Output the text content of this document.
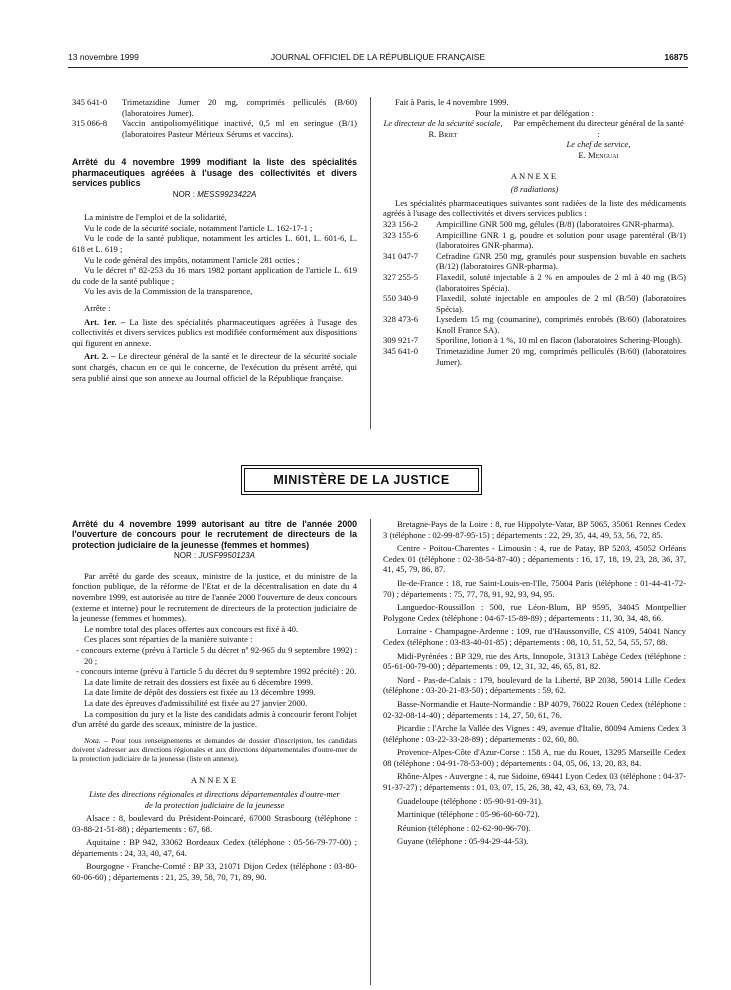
13 novembre 1999	JOURNAL OFFICIEL DE LA RÉPUBLIQUE FRANÇAISE	16875
345 641-0	Trimetazidine Jumer 20 mg, comprimés pelliculés (B/60) (laboratoires Jumer).
315 066-8	Vaccin antipoliomyélitique inactivé, 0,5 ml en seringue (B/1) (laboratoires Pasteur Mérieux Sérums et vaccins).

Arrêté du 4 novembre 1999 modifiant la liste des spécialités pharmaceutiques agréées à l'usage des collectivités et divers services publics

NOR : MESS9923422A

La ministre de l'emploi et de la solidarité,

Vu le code de la sécurité sociale, notamment l'article L. 162-17-1 ;

Vu le code de la santé publique, notamment les articles L. 601, L. 601-6, L. 618 et L. 619 ;

Vu le code général des impôts, notamment l'article 281 octies ;

Vu le décret nº 82-253 du 16 mars 1982 portant application de l'article L. 619 du code de la santé publique ;

Vu les avis de la Commission de la transparence,

Arrête :

Art. 1er. – La liste des spécialités pharmaceutiques agréées à l'usage des collectivités et divers services publics est modifiée conformément aux dispositions qui figurent en annexe.

Art. 2. – Le directeur général de la santé et le directeur de la sécurité sociale sont chargés, chacun en ce qui le concerne, de l'exécution du présent arrêté, qui sera publié ainsi que son annexe au Journal officiel de la République française.

Fait à Paris, le 4 novembre 1999.

Pour la ministre et par délégation :

Le directeur de la sécurité sociale,

R. Briet

Par empêchement du directeur général de la santé :

Le chef de service,

E. Menguai

ANNEXE

(8 radiations)

Les spécialités pharmaceutiques suivantes sont radiées de la liste des médicaments agréés à l'usage des collectivités et divers services publics :

323 156-2	Ampicilline GNR 500 mg, gélules (B/8) (laboratoires GNR-pharma).
323 155-6	Ampicilline GNR 1 g, poudre et solution pour usage parentéral (B/1) (laboratoires GNR-pharma).
341 047-7	Cefradine GNR 250 mg, granulés pour suspension buvable en sachets (B/12) (laboratoires GNR-pharma).
327 255-5	Flaxedil, soluté injectable à 2 % en ampoules de 2 ml à 40 mg (B/5) (laboratoires Spécia).
550 340-9	Flaxedil, soluté injectable en ampoules de 2 ml (B/50) (laboratoires Spécia).
328 473-6	Lysedem 15 mg (coumarine), comprimés enrobés (B/60) (laboratoires Knoll France SA).
309 921-7	Sporiline, lotion à 1 %, 10 ml en flacon (laboratoires Schering-Plough).
345 641-0	Trimetazidine Jumer 20 mg, comprimés pelliculés (B/60) (laboratoires Jumer).
MINISTÈRE DE LA JUSTICE

Arrêté du 4 novembre 1999 autorisant au titre de l'année 2000 l'ouverture de concours pour le recrutement de directeurs de la protection judiciaire de la jeunesse (femmes et hommes)

NOR : JUSF9950123A

Par arrêté du garde des sceaux, ministre de la justice, et du ministre de la fonction publique, de la réforme de l'Etat et de la décentralisation en date du 4 novembre 1999, est autorisée au titre de l'année 2000 l'ouverture de deux concours (externe et interne) pour le recrutement de directeurs de la protection judiciaire de la jeunesse (femmes et hommes).

Le nombre total des places offertes aux concours est fixé à 40.

Ces places sont réparties de la manière suivante :

- concours externe (prévu à l'article 5 du décret nº 92-965 du 9 septembre 1992) : 20 ;

- concours interne (prévu à l'article 5 du décret du 9 septembre 1992 précité) : 20.

La date limite de retrait des dossiers est fixée au 6 décembre 1999.

La date limite de dépôt des dossiers est fixée au 13 décembre 1999.

La date des épreuves d'admissibilité est fixée au 27 janvier 2000.

La composition du jury et la liste des candidats admis à concourir feront l'objet d'un arrêté du garde des sceaux, ministre de la justice.

Nota. – Pour tous renseignements et demandes de dossier d'inscription, les candidats doivent s'adresser aux directions régionales et aux directions départementales d'outre-mer de la protection judiciaire de la jeunesse (liste en annexe).

ANNEXE

Liste des directions régionales et directions départementales d'outre-mer de la protection judiciaire de la jeunesse

Alsace : 8, boulevard du Président-Poincaré, 67000 Strasbourg (téléphone : 03-88-21-51-88) ; départements : 67, 68.

Aquitaine : BP 942, 33062 Bordeaux Cedex (téléphone : 05-56-79-77-00) ; départements : 24, 33, 40, 47, 64.

Bourgogne - Franche-Comté : BP 33, 21071 Dijon Cedex (téléphone : 03-80-60-06-60) ; départements : 21, 25, 39, 58, 70, 71, 89, 90.

Bretagne-Pays de la Loire : 8, rue Hippolyte-Vatar, BP 5065, 35061 Rennes Cedex 3 (téléphone : 02-99-87-95-15) ; départements : 22, 29, 35, 44, 49, 53, 56, 72, 85.

Centre - Poitou-Charentes - Limousin : 4, rue de Patay, BP 5203, 45052 Orléans Cedex 01 (téléphone : 02-38-54-87-40) ; départements : 16, 17, 18, 19, 23, 28, 36, 37, 41, 45, 79, 86, 87.

Ile-de-France : 18, rue Saint-Louis-en-l'Ile, 75004 Paris (téléphone : 01-44-41-72-70) ; départements : 75, 77, 78, 91, 92, 93, 94, 95.

Languedoc-Roussillon : 500, rue Léon-Blum, BP 9595, 34045 Montpellier Polygone Cedex (téléphone : 04-67-15-89-89) ; départements : 11, 30, 34, 48, 66.

Lorraine - Champagne-Ardenne : 109, rue d'Haussonville, CS 4109, 54041 Nancy Cedex (téléphone : 03-83-40-01-85) ; départements : 08, 10, 51, 52, 54, 55, 57, 88.

Midi-Pyrénées : BP 329, rue des Arts, Innopole, 31313 Labège Cedex (téléphone : 05-61-00-79-00) ; départements : 09, 12, 31, 32, 46, 65, 81, 82.

Nord - Pas-de-Calais : 179, boulevard de la Liberté, BP 2038, 59014 Lille Cedex (téléphone : 03-20-21-83-50) ; départements : 59, 62.

Basse-Normandie et Haute-Normandie : BP 4079, 76022 Rouen Cedex (téléphone : 02-32-08-14-40) ; départements : 14, 27, 50, 61, 76.

Picardie : l'Arche la Vallée des Vignes : 49, avenue d'Italie, 80094 Amiens Cedex 3 (téléphone : 03-22-33-28-89) ; départements : 02, 60, 80.

Provence-Alpes-Côte d'Azur-Corse : 158 A, rue du Rouet, 13295 Marseille Cedex 08 (téléphone : 04-91-78-53-00) ; départements : 04, 05, 06, 13, 20, 83, 84.

Rhône-Alpes - Auvergne : 4, rue Sidoine, 69441 Lyon Cedex 03 (téléphone : 04-37-91-37-27) ; départements : 01, 03, 07, 15, 26, 38, 42, 43, 63, 69, 73, 74.

Guadeloupe (téléphone : 05-90-91-09-31).

Martinique (téléphone : 05-96-60-60-72).

Réunion (téléphone : 02-62-90-96-70).

Guyane (téléphone : 05-94-29-44-53).
